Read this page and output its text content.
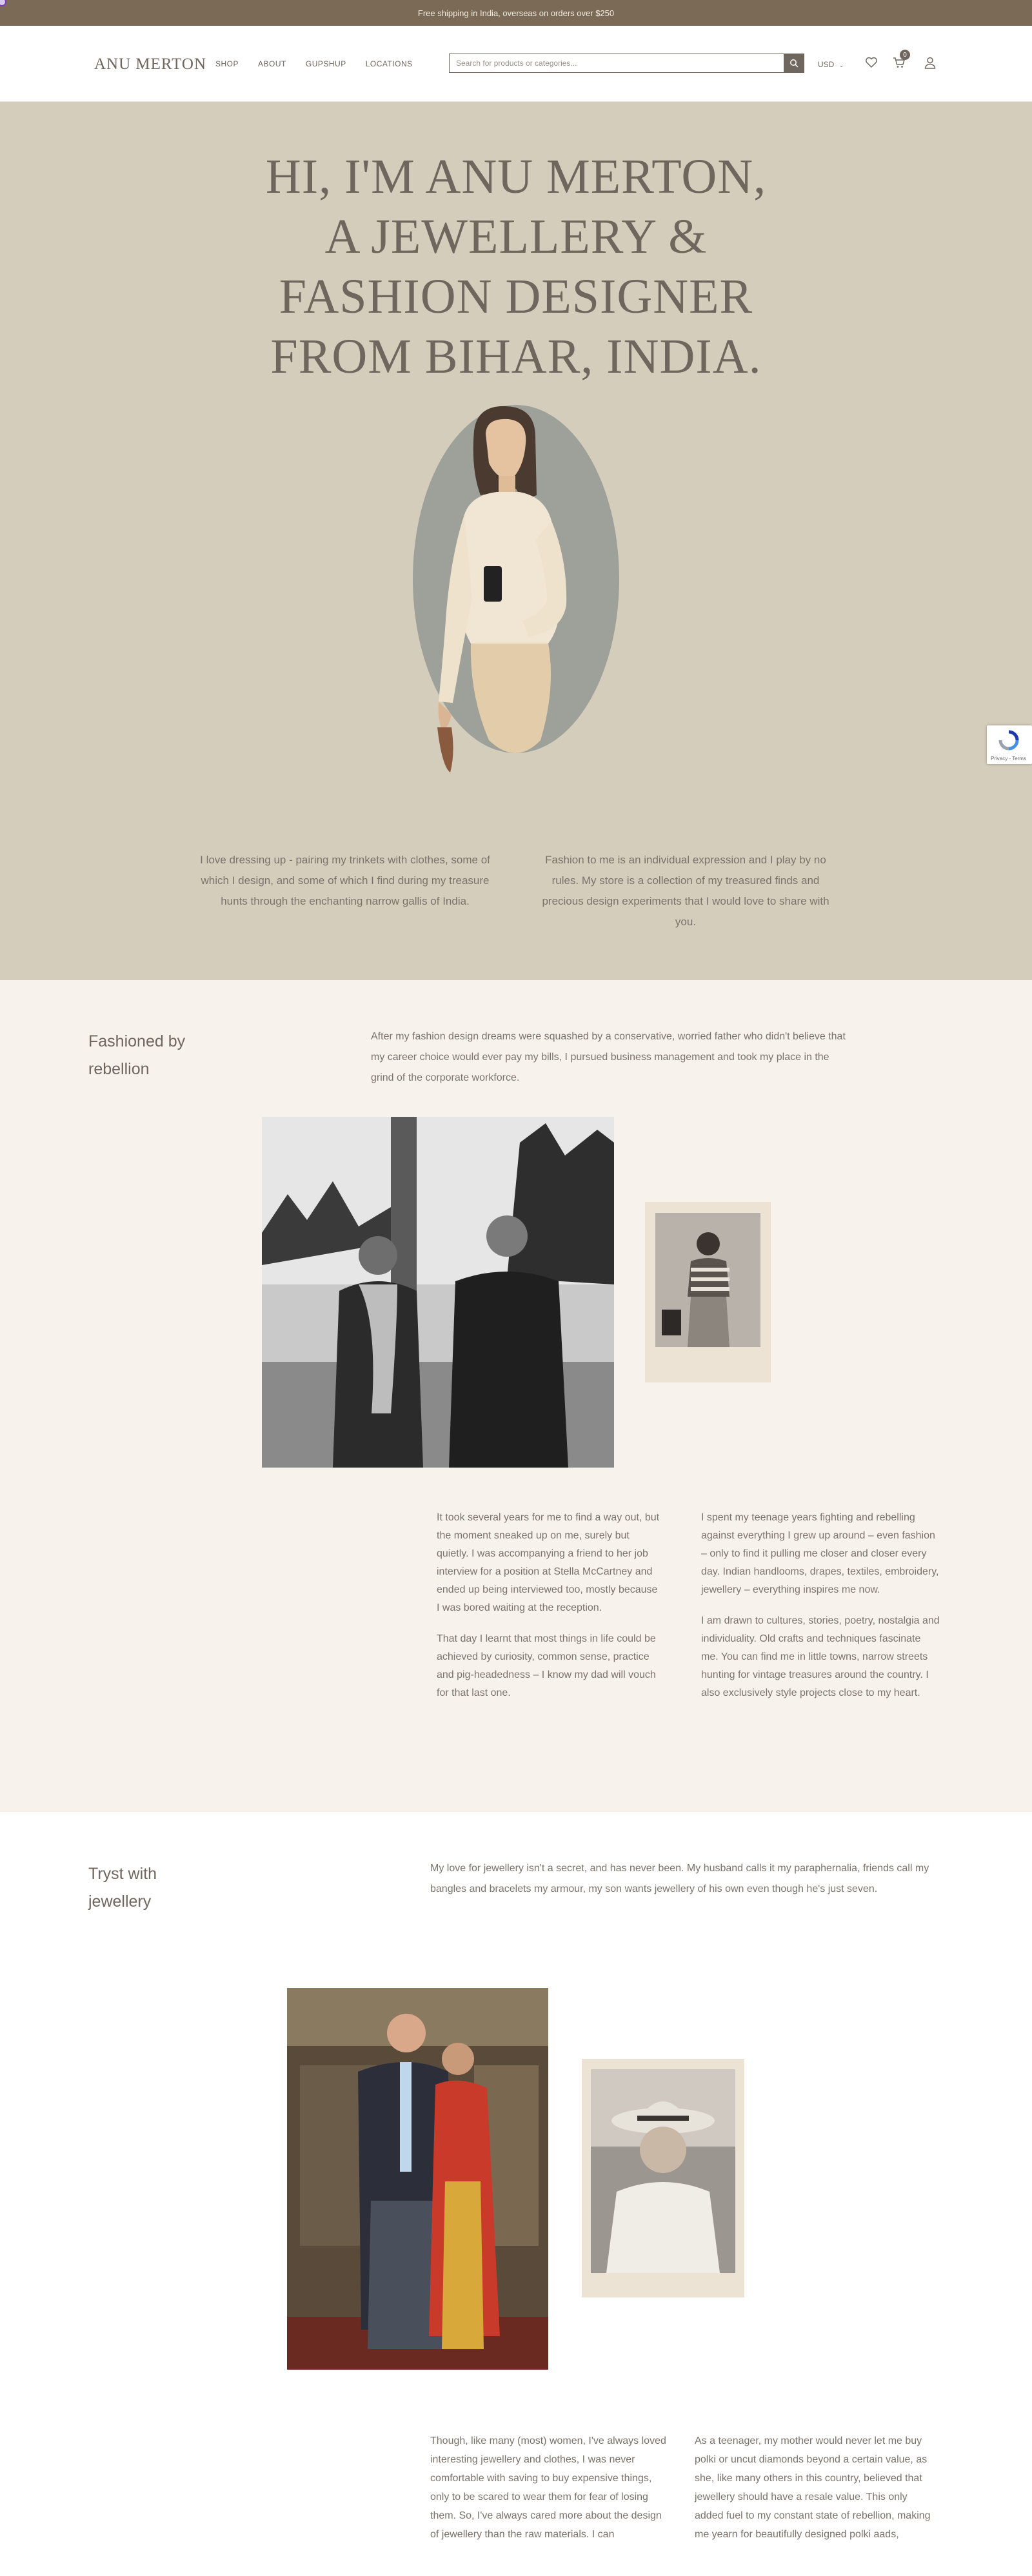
Free shipping in India, overseas on orders over $250
ANU MERTON SHOP	ABOUT	GUPSHUP	LOCATIONS
Search for products or categories...	USD ⌄
0
HI, I'M ANU MERTON, A JEWELLERY & FASHION DESIGNER FROM BIHAR, INDIA.

I love dressing up - pairing my trinkets with clothes, some of which I design, and some of which I find during my treasure hunts through the enchanting narrow gallis of India.

Fashion to me is an individual expression and I play by no rules. My store is a collection of my treasured finds and precious design experiments that I would love to share with you.

Privacy - Terms
Fashioned by rebellion

After my fashion design dreams were squashed by a conservative, worried father who didn't believe that my career choice would ever pay my bills, I pursued business management and took my place in the grind of the corporate workforce.

It took several years for me to find a way out, but the moment sneaked up on me, surely but quietly. I was accompanying a friend to her job interview for a position at Stella McCartney and ended up being interviewed too, mostly because I was bored waiting at the reception.

That day I learnt that most things in life could be achieved by curiosity, common sense, practice and pig-headedness – I know my dad will vouch for that last one.

I spent my teenage years fighting and rebelling against everything I grew up around – even fashion – only to find it pulling me closer and closer every day. Indian handlooms, drapes, textiles, embroidery, jewellery – everything inspires me now.

I am drawn to cultures, stories, poetry, nostalgia and individuality. Old crafts and techniques fascinate me. You can find me in little towns, narrow streets hunting for vintage treasures around the country. I also exclusively style projects close to my heart.

Tryst with jewellery

My love for jewellery isn't a secret, and has never been. My husband calls it my paraphernalia, friends call my bangles and bracelets my armour, my son wants jewellery of his own even though he's just seven.

Though, like many (most) women, I've always loved interesting jewellery and clothes, I was never comfortable with saving to buy expensive things, only to be scared to wear them for fear of losing them. So, I've always cared more about the design of jewellery than the raw materials. I can

As a teenager, my mother would never let me buy polki or uncut diamonds beyond a certain value, as she, like many others in this country, believed that jewellery should have a resale value. This only added fuel to my constant state of rebellion, making me yearn for beautifully designed polki aads,
